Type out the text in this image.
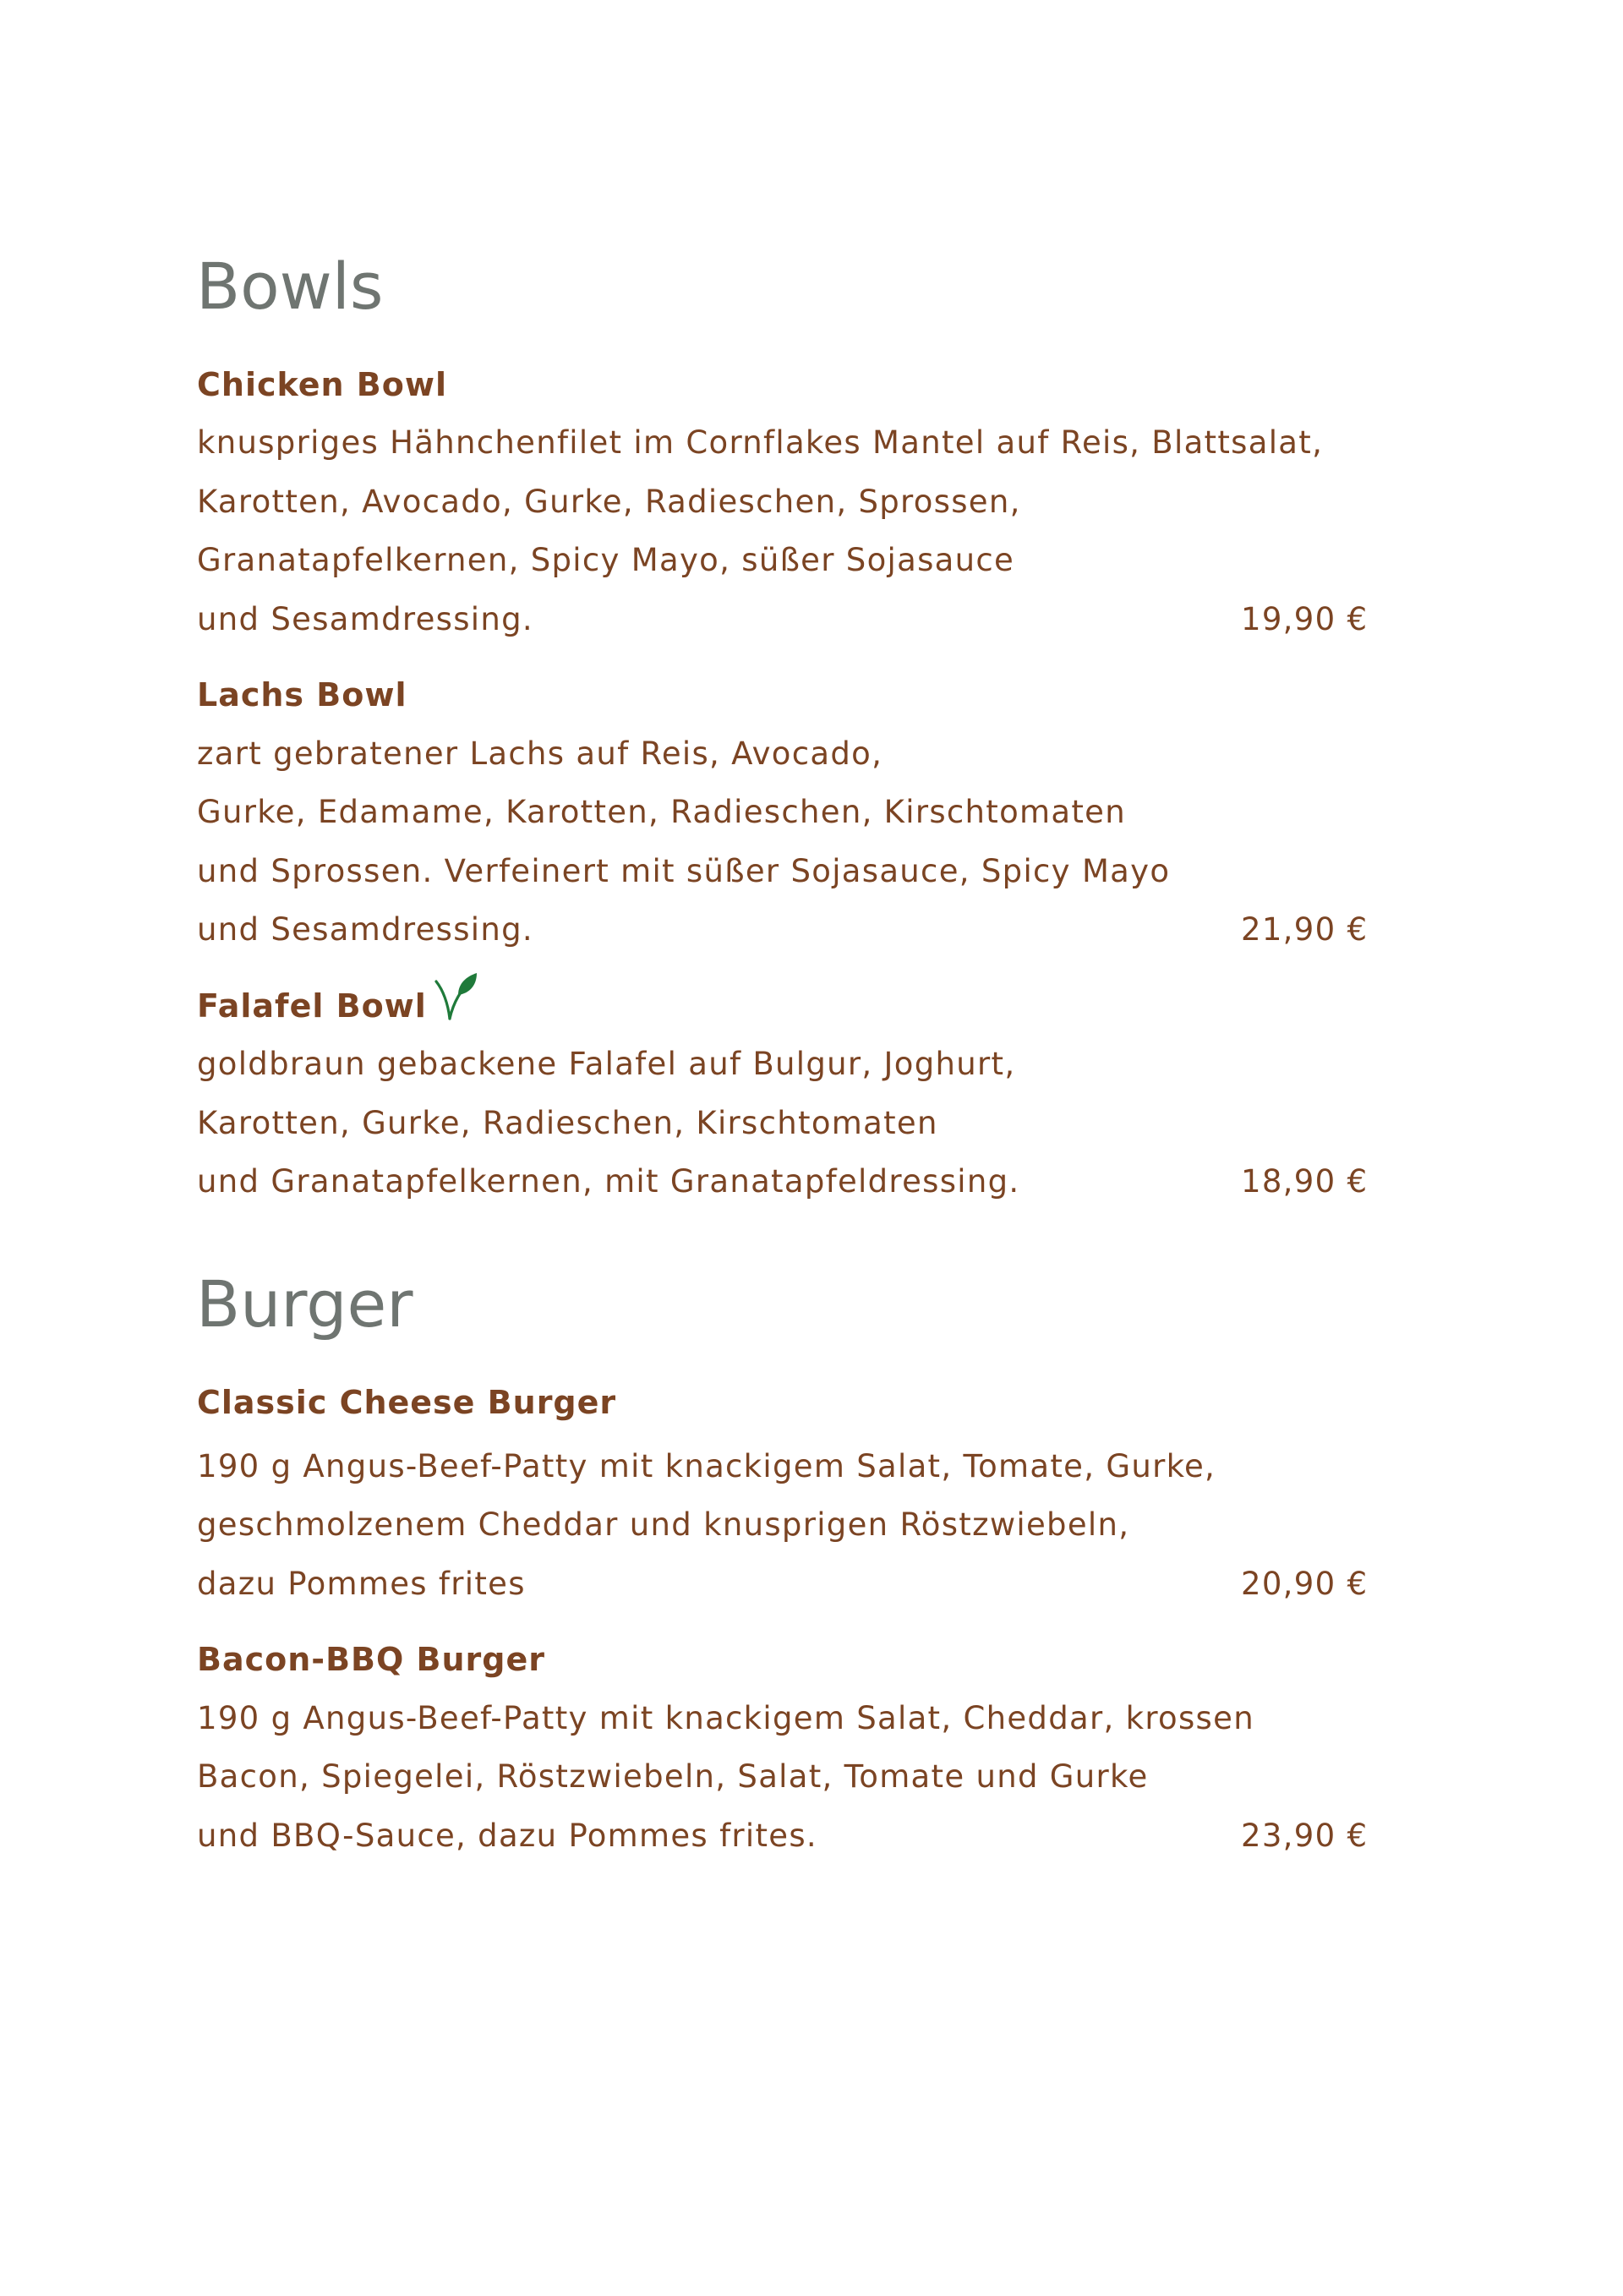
Bowls
Chicken Bowl
knuspriges Hähnchenfilet im Cornflakes Mantel auf Reis, Blattsalat,
Karotten, Avocado, Gurke, Radieschen, Sprossen,
Granatapfelkernen, Spicy Mayo, süßer Sojasauce
und Sesamdressing.	19,90 €
Lachs Bowl
zart gebratener Lachs auf Reis, Avocado,
Gurke, Edamame, Karotten, Radieschen, Kirschtomaten
und Sprossen. Verfeinert mit süßer Sojasauce, Spicy Mayo
und Sesamdressing.	21,90 €
Falafel Bowl
goldbraun gebackene Falafel auf Bulgur, Joghurt,
Karotten, Gurke, Radieschen, Kirschtomaten
und Granatapfelkernen, mit Granatapfeldressing.	18,90 €
Burger
Classic Cheese Burger
190 g Angus-Beef-Patty mit knackigem Salat, Tomate, Gurke,
geschmolzenem Cheddar und knusprigen Röstzwiebeln,
dazu Pommes frites	20,90 €
Bacon-BBQ Burger
190 g Angus-Beef-Patty mit knackigem Salat, Cheddar, krossen
Bacon, Spiegelei, Röstzwiebeln, Salat, Tomate und Gurke
und BBQ-Sauce, dazu Pommes frites.	23,90 €
